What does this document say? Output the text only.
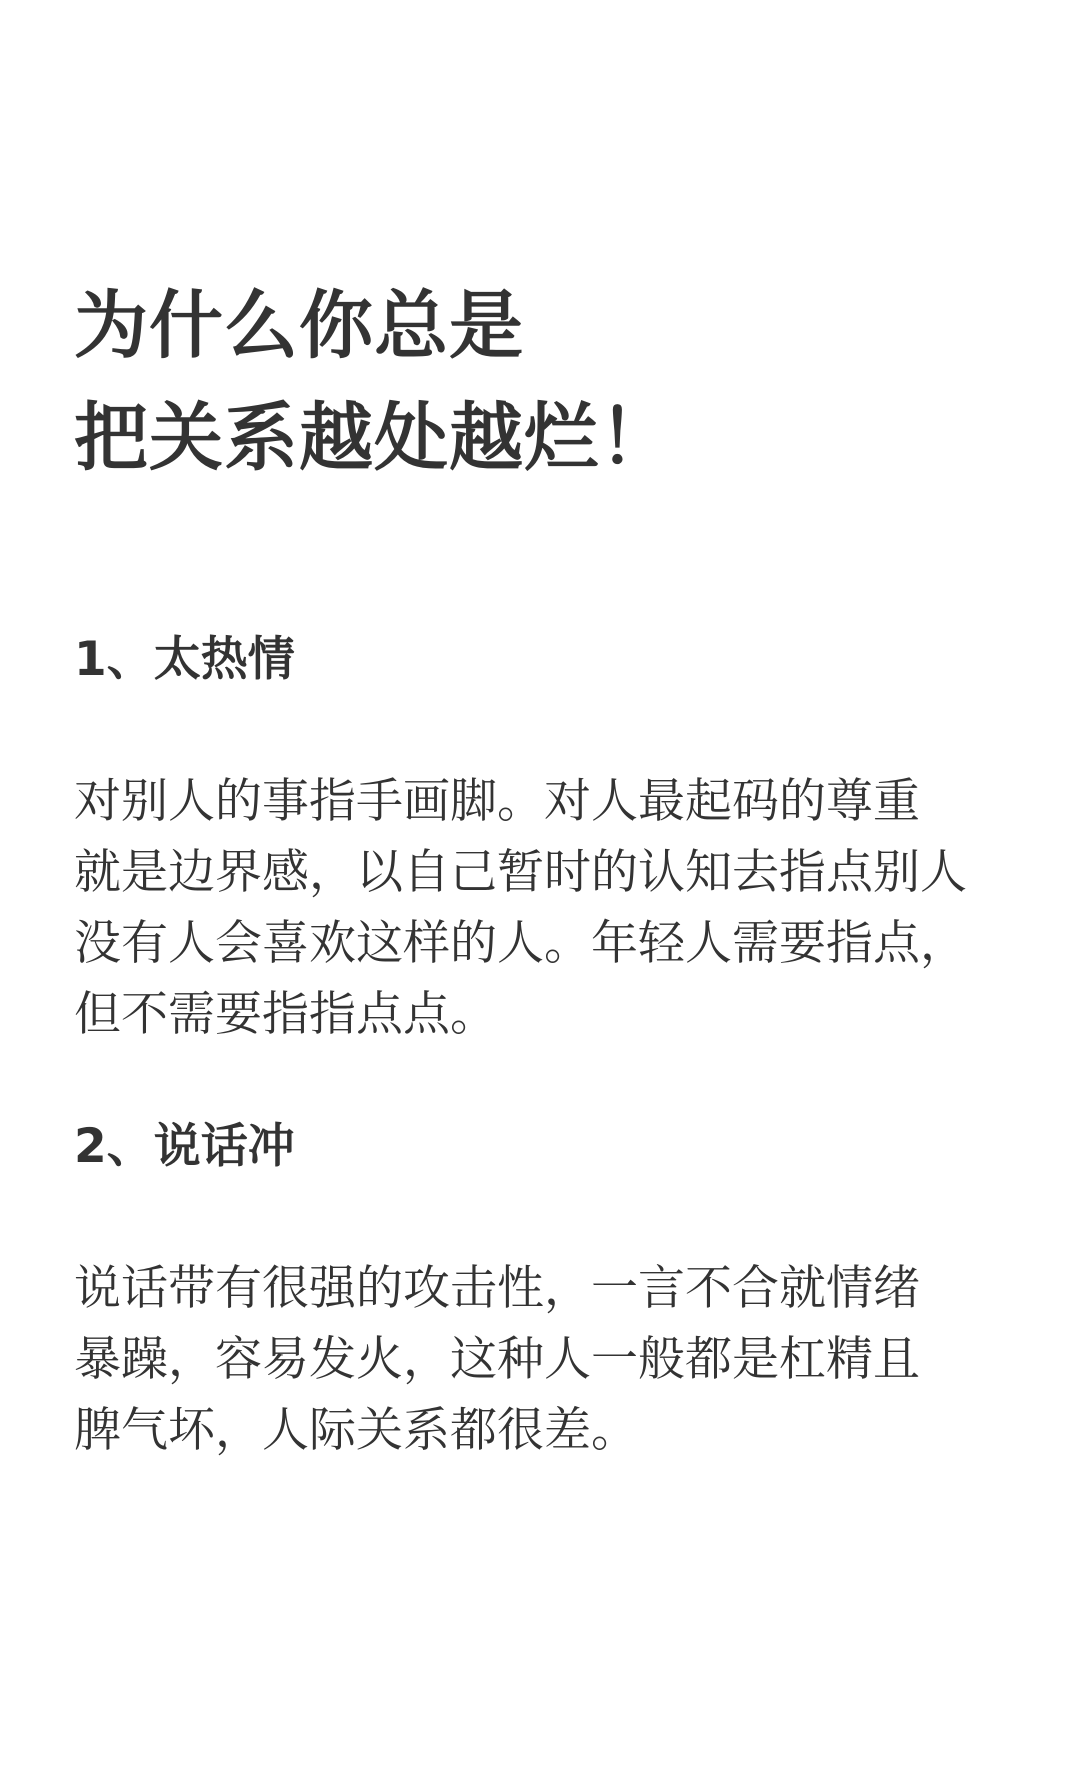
为什么你总是
把关系越处越烂！
1、太热情
对别人的事指手画脚。对人最起码的尊重
就是边界感，以自己暂时的认知去指点别人
没有人会喜欢这样的人。年轻人需要指点，
但不需要指指点点。
2、说话冲
说话带有很强的攻击性，一言不合就情绪
暴躁，容易发火，这种人一般都是杠精且
脾气坏，人际关系都很差。
